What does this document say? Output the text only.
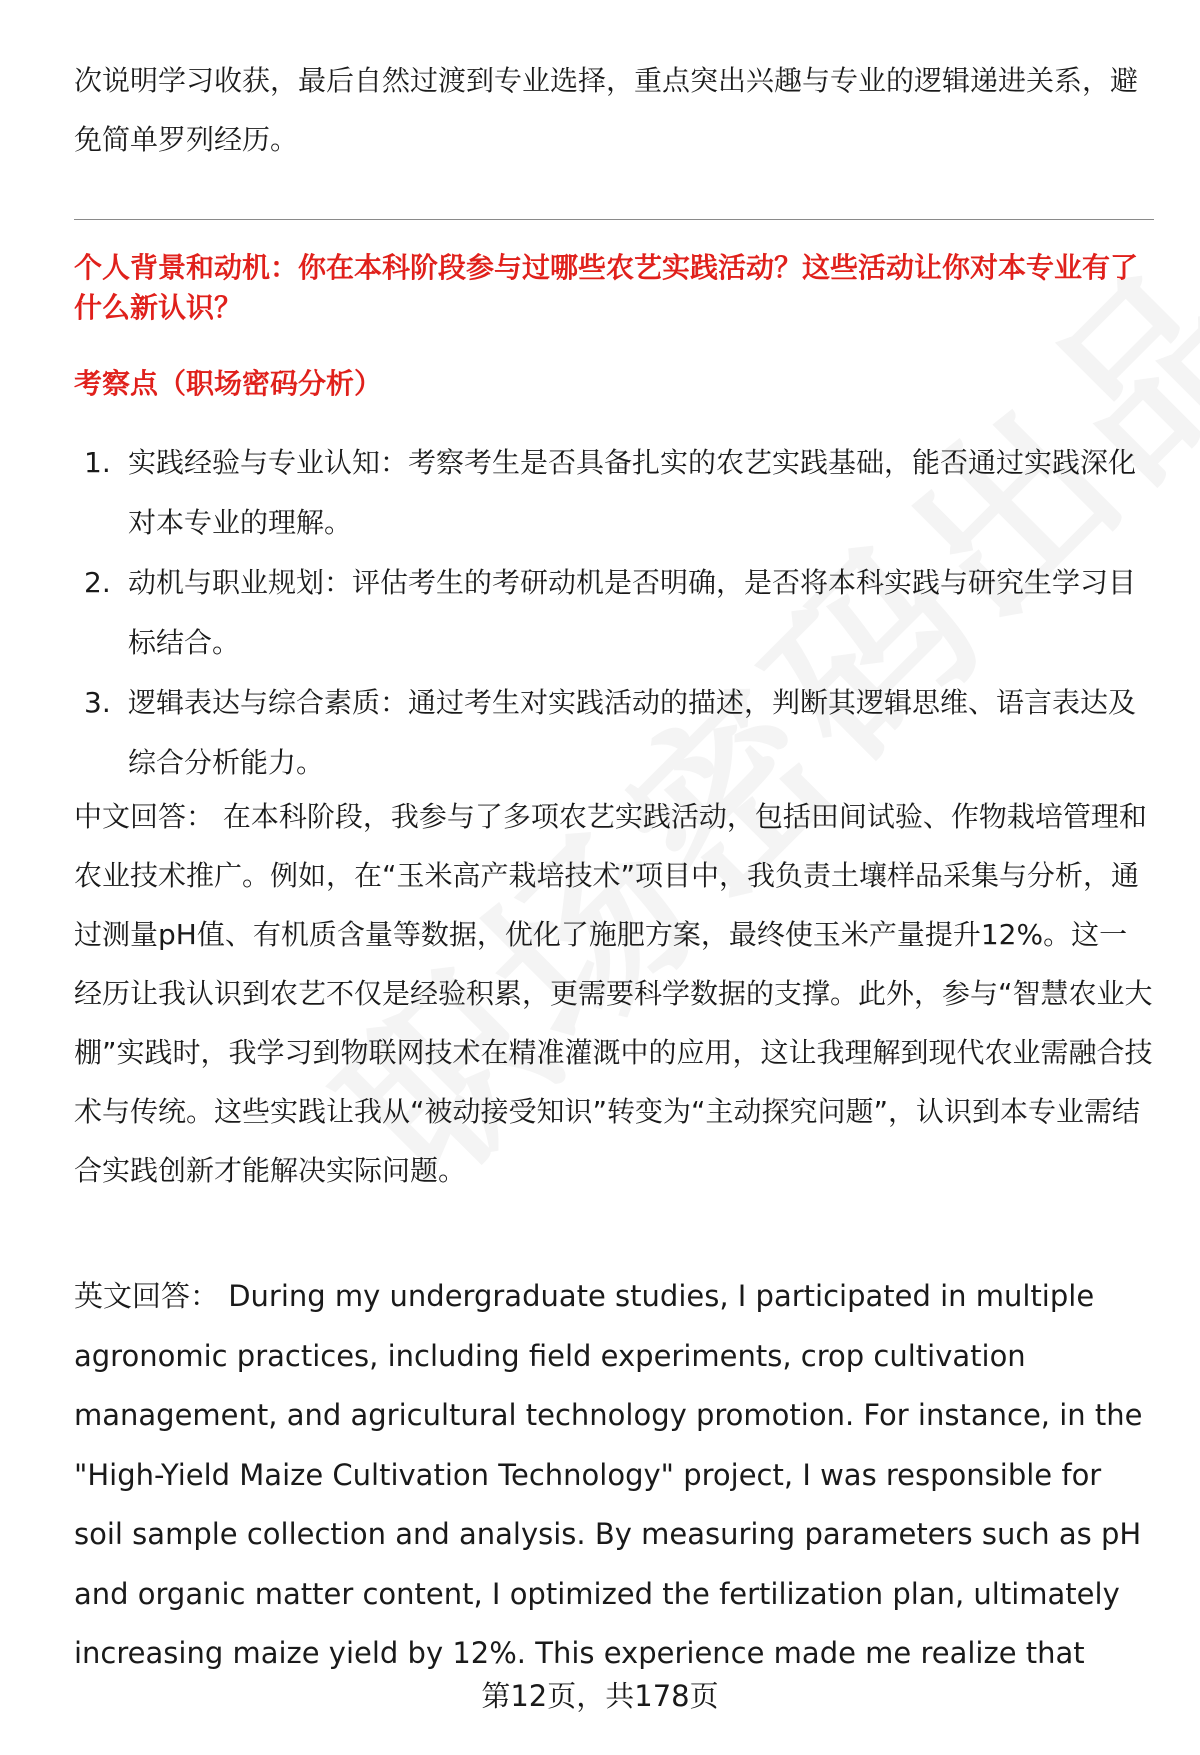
次说明学习收获，最后自然过渡到专业选择，重点突出兴趣与专业的逻辑递进关系，避免简单罗列经历。

个人背景和动机：你在本科阶段参与过哪些农艺实践活动？这些活动让你对本专业有了什么新认识？

考察点（职场密码分析）

1. 实践经验与专业认知：考察考生是否具备扎实的农艺实践基础，能否通过实践深化对本专业的理解。
2. 动机与职业规划：评估考生的考研动机是否明确，是否将本科实践与研究生学习目标结合。
3. 逻辑表达与综合素质：通过考生对实践活动的描述，判断其逻辑思维、语言表达及综合分析能力。

中文回答： 在本科阶段，我参与了多项农艺实践活动，包括田间试验、作物栽培管理和农业技术推广。例如，在“玉米高产栽培技术”项目中，我负责土壤样品采集与分析，通过测量pH值、有机质含量等数据，优化了施肥方案，最终使玉米产量提升12%。这一经历让我认识到农艺不仅是经验积累，更需要科学数据的支撑。此外，参与“智慧农业大棚”实践时，我学习到物联网技术在精准灌溉中的应用，这让我理解到现代农业需融合技术与传统。这些实践让我从“被动接受知识”转变为“主动探究问题”，认识到本专业需结合实践创新才能解决实际问题。

英文回答： During my undergraduate studies, I participated in multiple agronomic practices, including field experiments, crop cultivation management, and agricultural technology promotion. For instance, in the "High-Yield Maize Cultivation Technology" project, I was responsible for soil sample collection and analysis. By measuring parameters such as pH and organic matter content, I optimized the fertilization plan, ultimately increasing maize yield by 12%. This experience made me realize that

第12页，共178页
